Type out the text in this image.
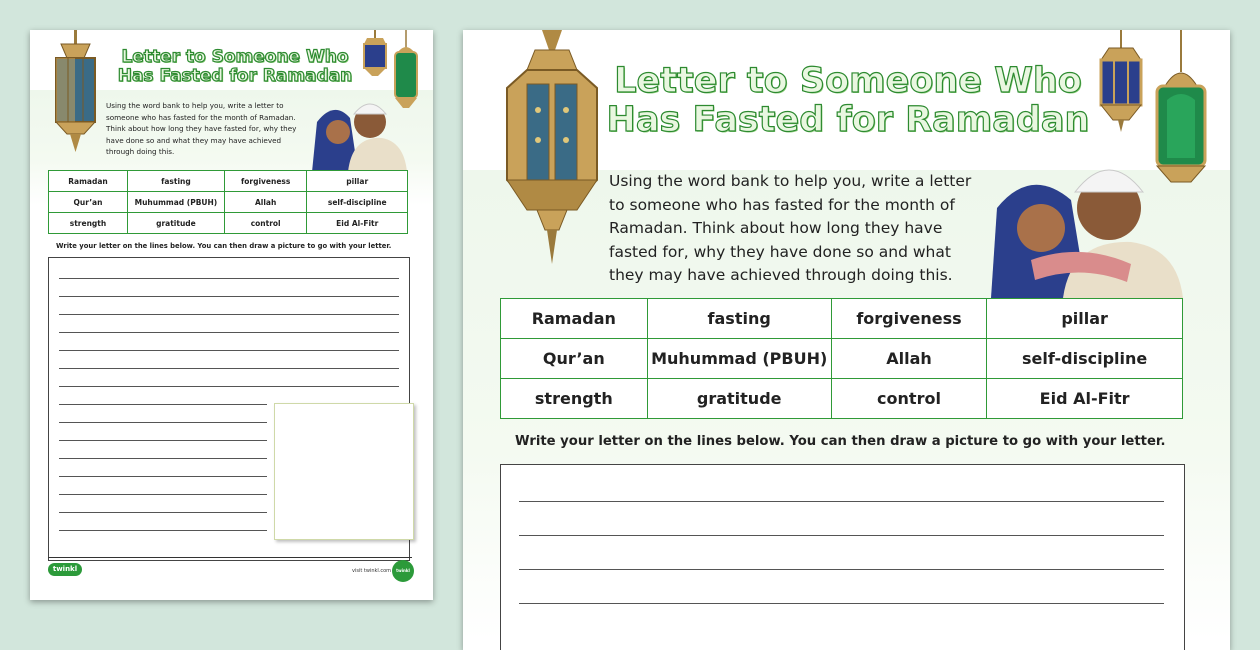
Letter to Someone Who
Has Fasted for Ramadan

Using the word bank to help you, write a letter to someone who has fasted for the month of Ramadan. Think about how long they have fasted for, why they have done so and what they may have achieved through doing this.

Ramadan	fasting	forgiveness	pillar
Qur’an	Muhummad (PBUH)	Allah	self-discipline
strength	gratitude	control	Eid Al-Fitr

Write your letter on the lines below. You can then draw a picture to go with your letter.

twinkl	visit twinkl.com	twinkl
Letter to Someone Who
Has Fasted for Ramadan

Using the word bank to help you, write a letter to someone who has fasted for the month of Ramadan. Think about how long they have fasted for, why they have done so and what they may have achieved through doing this.

Ramadan	fasting	forgiveness	pillar
Qur’an	Muhummad (PBUH)	Allah	self-discipline
strength	gratitude	control	Eid Al-Fitr

Write your letter on the lines below. You can then draw a picture to go with your letter.
